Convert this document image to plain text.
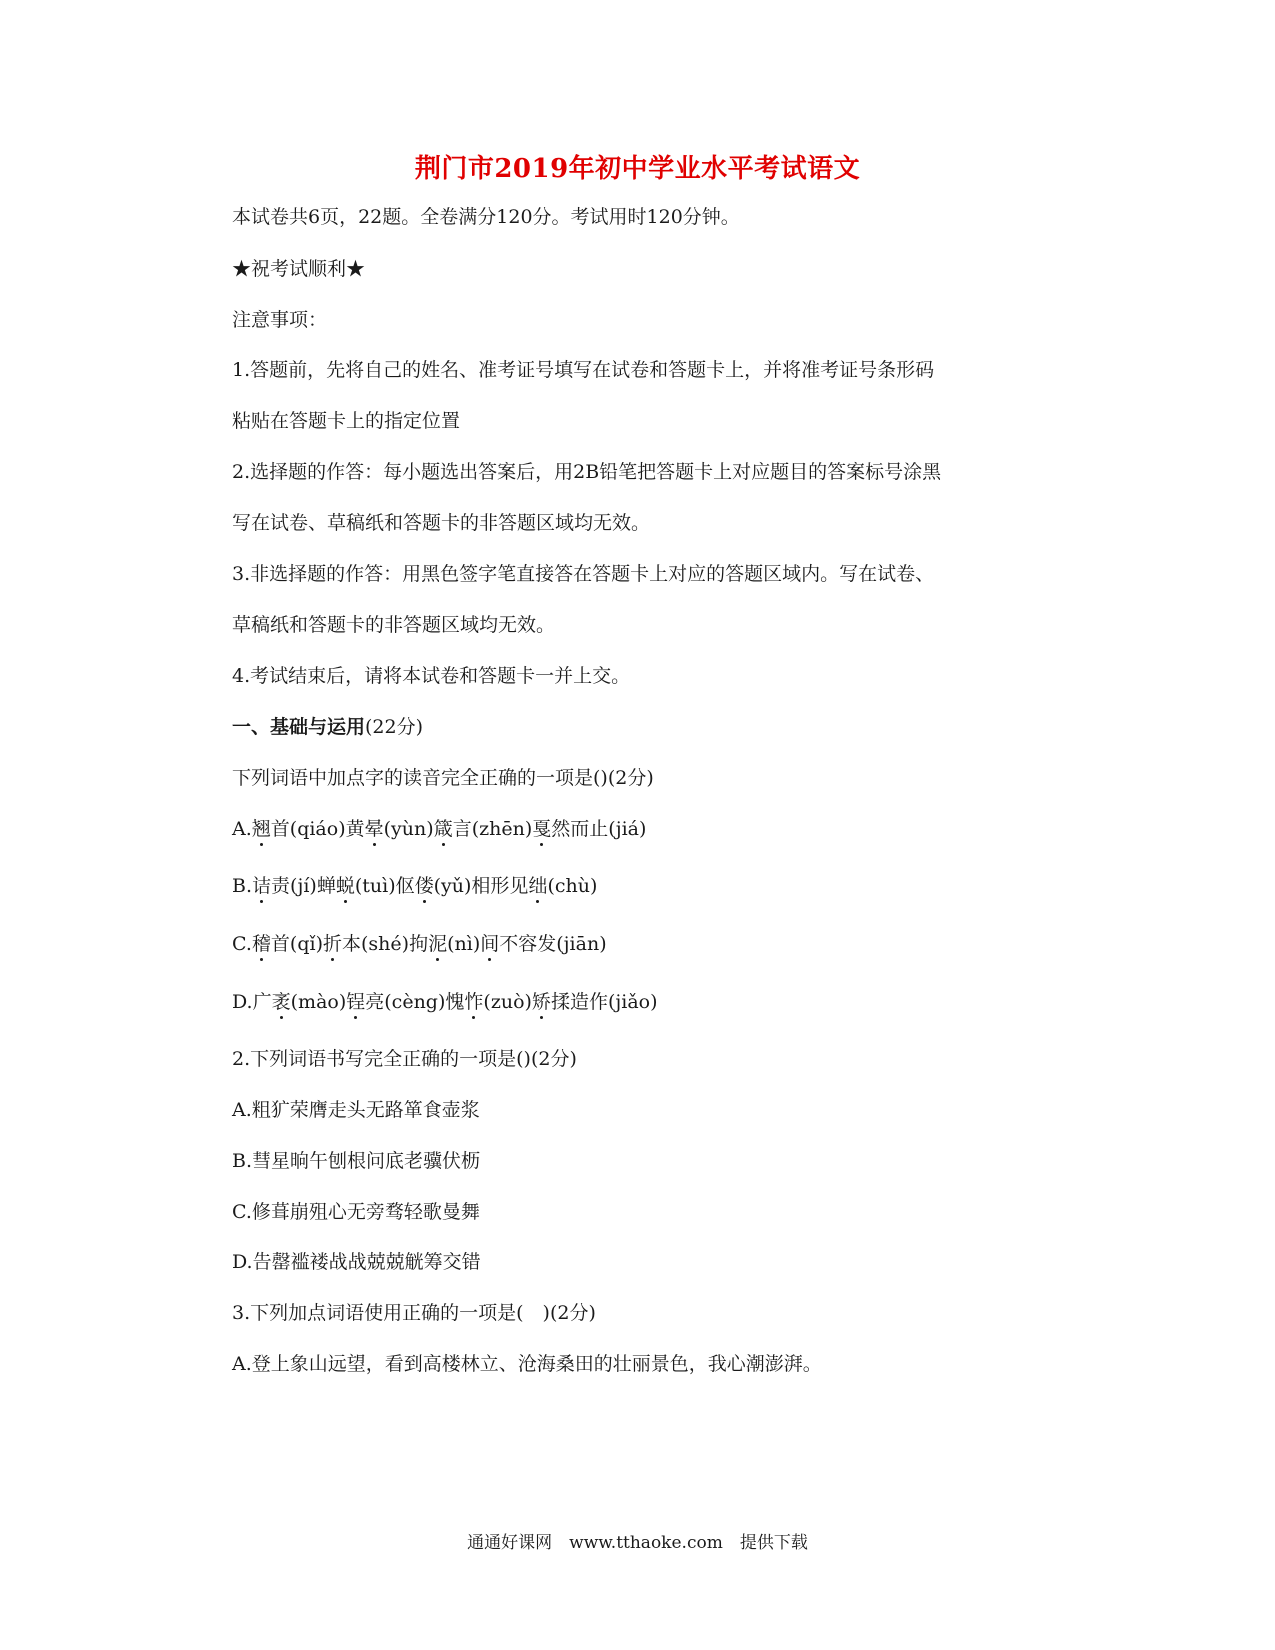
荆门市2019年初中学业水平考试语文
本试卷共6页，22题。全卷满分120分。考试用时120分钟。
★祝考试顺利★
注意事项：
1.答题前，先将自己的姓名、准考证号填写在试卷和答题卡上，并将准考证号条形码
粘贴在答题卡上的指定位置
2.选择题的作答：每小题选出答案后，用2B铅笔把答题卡上对应题目的答案标号涂黑
写在试卷、草稿纸和答题卡的非答题区域均无效。
3.非选择题的作答：用黑色签字笔直接答在答题卡上对应的答题区域内。写在试卷、
草稿纸和答题卡的非答题区域均无效。
4.考试结束后，请将本试卷和答题卡一并上交。
一、基础与运用(22分)
下列词语中加点字的读音完全正确的一项是()(2分)
A.翘首(qiáo)黄晕(yùn)箴言(zhēn)戛然而止(jiá)
B.诘责(jí)蝉蜕(tuì)伛偻(yǔ)相形见绌(chù)
C.稽首(qǐ)折本(shé)拘泥(nì)间不容发(jiān)
D.广袤(mào)锃亮(cèng)愧怍(zuò)矫揉造作(jiǎo)
2.下列词语书写完全正确的一项是()(2分)
A.粗犷荣膺走头无路箪食壶浆
B.彗星晌午刨根问底老骥伏枥
C.修葺崩殂心无旁骛轻歌曼舞
D.告罄褴褛战战兢兢觥筹交错
3.下列加点词语使用正确的一项是(　)(2分)
A.登上象山远望，看到高楼林立、沧海桑田的壮丽景色，我心潮澎湃。
通通好课网　www.tthaoke.com　提供下载
